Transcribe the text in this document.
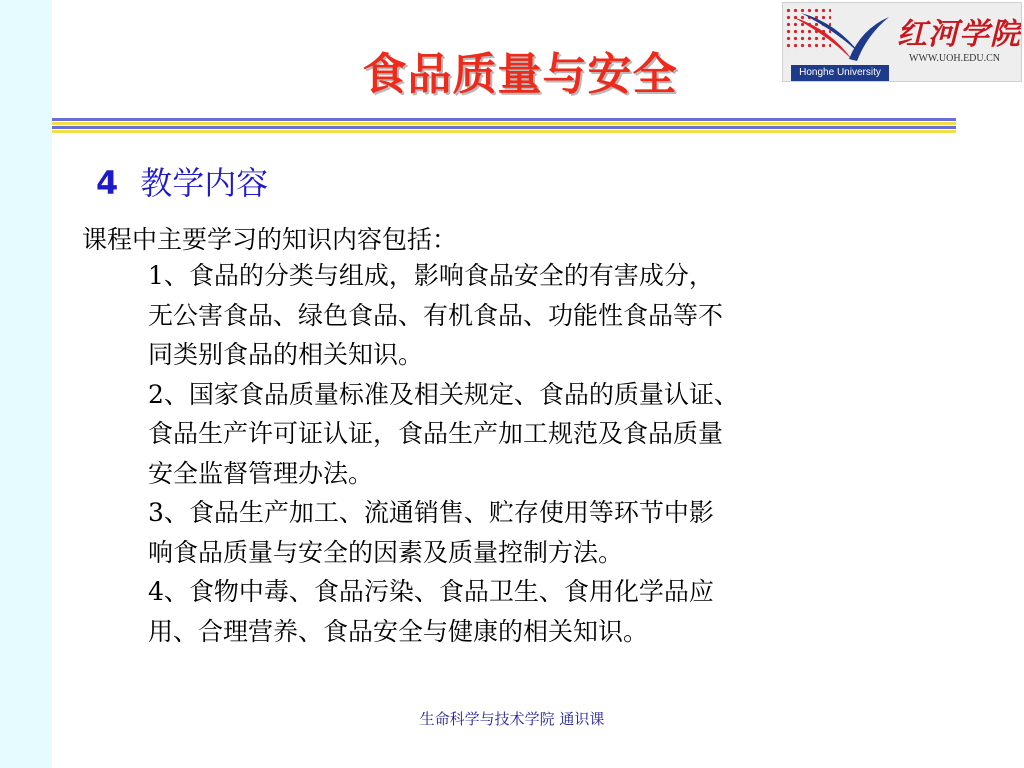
食品质量与安全
红河学院
WWW.UOH.EDU.CN
Honghe University
4 教学内容
课程中主要学习的知识内容包括：
1、食品的分类与组成，影响食品安全的有害成分，
无公害食品、绿色食品、有机食品、功能性食品等不
同类别食品的相关知识。
2、国家食品质量标准及相关规定、食品的质量认证、
食品生产许可证认证，食品生产加工规范及食品质量
安全监督管理办法。
3、食品生产加工、流通销售、贮存使用等环节中影
响食品质量与安全的因素及质量控制方法。
4、食物中毒、食品污染、食品卫生、食用化学品应
用、合理营养、食品安全与健康的相关知识。
生命科学与技术学院 通识课
